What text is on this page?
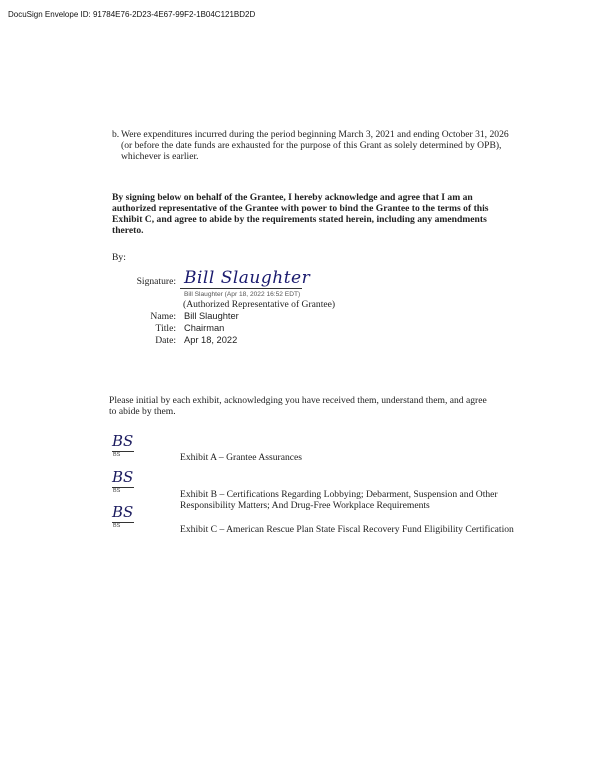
DocuSign Envelope ID: 91784E76-2D23-4E67-99F2-1B04C121BD2D
b. Were expenditures incurred during the period beginning March 3, 2021 and ending October 31, 2026 (or before the date funds are exhausted for the purpose of this Grant as solely determined by OPB), whichever is earlier.
By signing below on behalf of the Grantee, I hereby acknowledge and agree that I am an authorized representative of the Grantee with power to bind the Grantee to the terms of this Exhibit C, and agree to abide by the requirements stated herein, including any amendments thereto.
By:
Signature: Bill Slaughter
Bill Slaughter (Apr 18, 2022 16:52 EDT)
(Authorized Representative of Grantee)
Name: Bill Slaughter
Title: Chairman
Date: Apr 18, 2022
Please initial by each exhibit, acknowledging you have received them, understand them, and agree to abide by them.
BS
BS	Exhibit A – Grantee Assurances
BS
BS	Exhibit B – Certifications Regarding Lobbying; Debarment, Suspension and Other Responsibility Matters; And Drug-Free Workplace Requirements
BS
BS	Exhibit C – American Rescue Plan State Fiscal Recovery Fund Eligibility Certification
